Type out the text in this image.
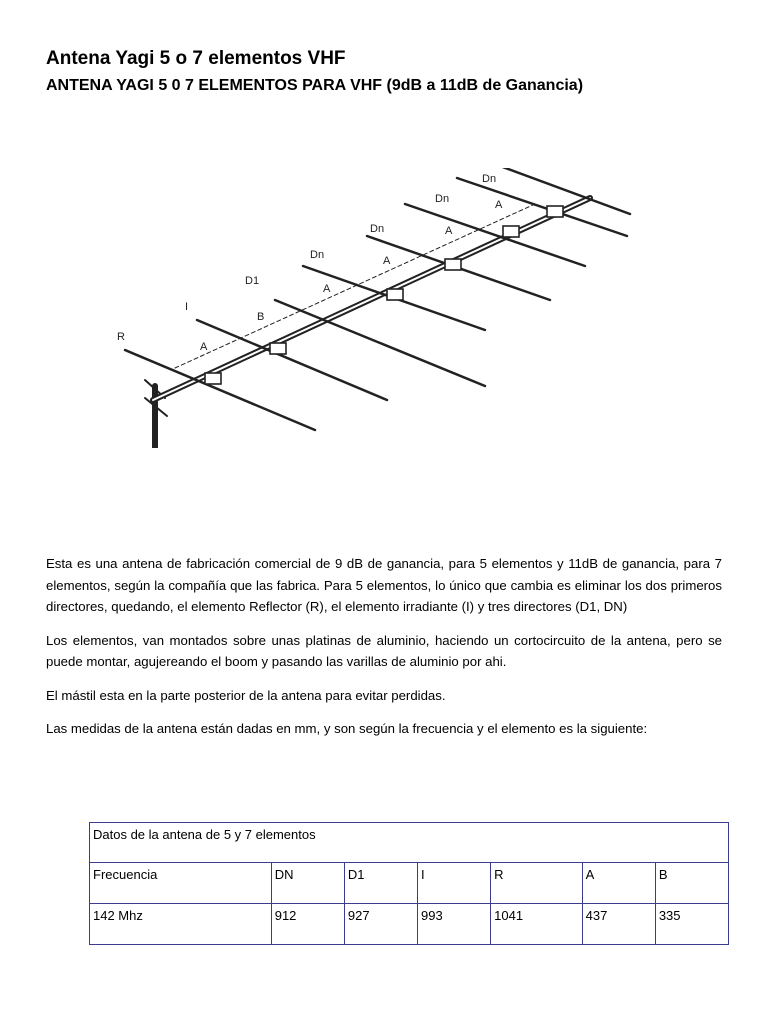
Antena Yagi 5 o 7 elementos VHF
ANTENA YAGI 5 0 7 ELEMENTOS PARA VHF (9dB a 11dB de Ganancia)
R
I
D1
Dn
Dn
Dn
Dn
A
B
A
A
A
A

Esta es una antena de fabricación comercial de 9 dB de ganancia, para 5 elementos y 11dB de ganancia, para 7 elementos, según la compañía que las fabrica. Para 5 elementos, lo único que cambia es eliminar los dos primeros directores, quedando, el elemento Reflector (R), el elemento irradiante (I) y tres directores (D1, DN)

Los elementos, van montados sobre unas platinas de aluminio, haciendo un cortocircuito de la antena, pero se puede montar, agujereando el boom y pasando las varillas de aluminio por ahi.

El mástil esta en la parte posterior de la antena para evitar perdidas.

Las medidas de la antena están dadas en mm, y son según la frecuencia y el elemento es la siguiente:

Datos de la antena de 5 y 7 elementos						
Frecuencia	DN	D1	I	R	A	B
142 Mhz	912	927	993	1041	437	335
